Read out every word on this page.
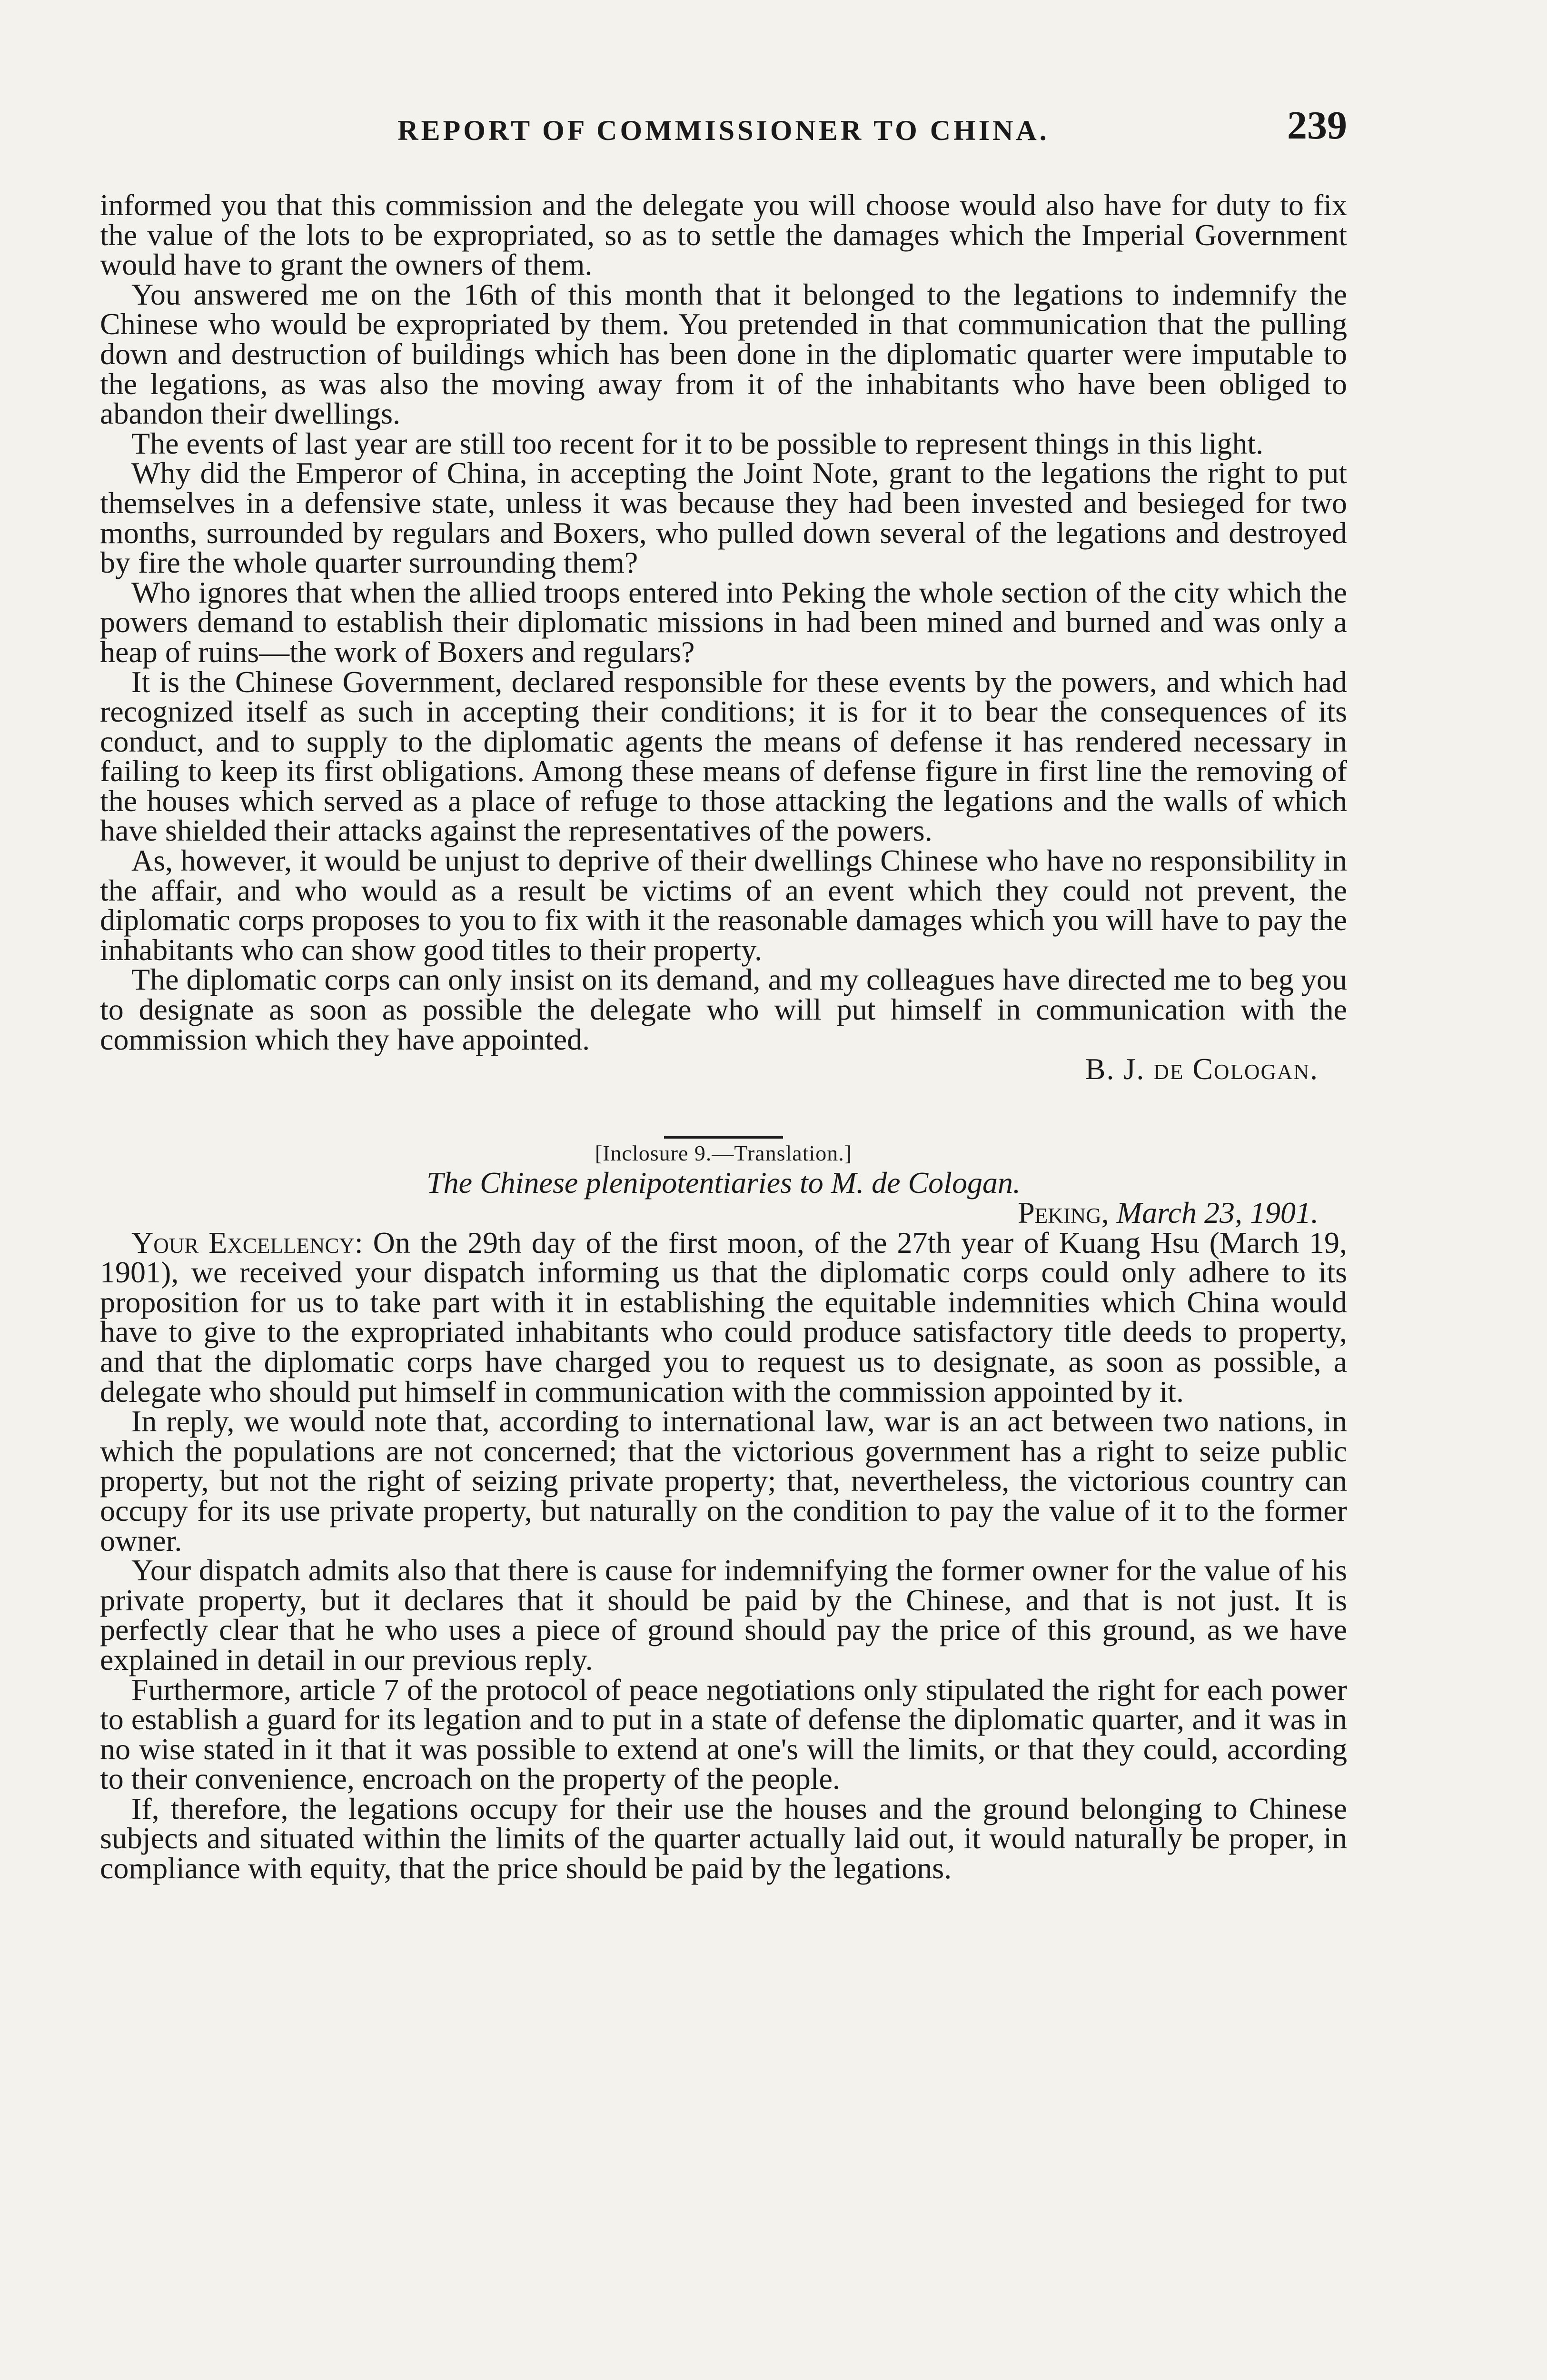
REPORT OF COMMISSIONER TO CHINA.	239

informed you that this commission and the delegate you will choose would also have for duty to fix the value of the lots to be expropriated, so as to settle the damages which the Imperial Government would have to grant the owners of them.

You answered me on the 16th of this month that it belonged to the legations to indemnify the Chinese who would be expropriated by them. You pretended in that communication that the pulling down and destruction of buildings which has been done in the diplomatic quarter were imputable to the legations, as was also the moving away from it of the inhabitants who have been obliged to abandon their dwellings.

The events of last year are still too recent for it to be possible to represent things in this light.

Why did the Emperor of China, in accepting the Joint Note, grant to the legations the right to put themselves in a defensive state, unless it was because they had been invested and besieged for two months, surrounded by regulars and Boxers, who pulled down several of the legations and destroyed by fire the whole quarter surrounding them?

Who ignores that when the allied troops entered into Peking the whole section of the city which the powers demand to establish their diplomatic missions in had been mined and burned and was only a heap of ruins—the work of Boxers and regulars?

It is the Chinese Government, declared responsible for these events by the powers, and which had recognized itself as such in accepting their conditions; it is for it to bear the consequences of its conduct, and to supply to the diplomatic agents the means of defense it has rendered necessary in failing to keep its first obligations. Among these means of defense figure in first line the removing of the houses which served as a place of refuge to those attacking the legations and the walls of which have shielded their attacks against the representatives of the powers.

As, however, it would be unjust to deprive of their dwellings Chinese who have no responsibility in the affair, and who would as a result be victims of an event which they could not prevent, the diplomatic corps proposes to you to fix with it the reasonable damages which you will have to pay the inhabitants who can show good titles to their property.

The diplomatic corps can only insist on its demand, and my colleagues have directed me to beg you to designate as soon as possible the delegate who will put himself in communication with the commission which they have appointed.

B. J. de Cologan.

[Inclosure 9.—Translation.]

The Chinese plenipotentiaries to M. de Cologan.

Peking, March 23, 1901.

Your Excellency: On the 29th day of the first moon, of the 27th year of Kuang Hsu (March 19, 1901), we received your dispatch informing us that the diplomatic corps could only adhere to its proposition for us to take part with it in establishing the equitable indemnities which China would have to give to the expropriated inhabitants who could produce satisfactory title deeds to property, and that the diplomatic corps have charged you to request us to designate, as soon as possible, a delegate who should put himself in communication with the commission appointed by it.

In reply, we would note that, according to international law, war is an act between two nations, in which the populations are not concerned; that the victorious government has a right to seize public property, but not the right of seizing private property; that, nevertheless, the victorious country can occupy for its use private property, but naturally on the condition to pay the value of it to the former owner.

Your dispatch admits also that there is cause for indemnifying the former owner for the value of his private property, but it declares that it should be paid by the Chinese, and that is not just. It is perfectly clear that he who uses a piece of ground should pay the price of this ground, as we have explained in detail in our previous reply.

Furthermore, article 7 of the protocol of peace negotiations only stipulated the right for each power to establish a guard for its legation and to put in a state of defense the diplomatic quarter, and it was in no wise stated in it that it was possible to extend at one's will the limits, or that they could, according to their convenience, encroach on the property of the people.

If, therefore, the legations occupy for their use the houses and the ground belonging to Chinese subjects and situated within the limits of the quarter actually laid out, it would naturally be proper, in compliance with equity, that the price should be paid by the legations.
